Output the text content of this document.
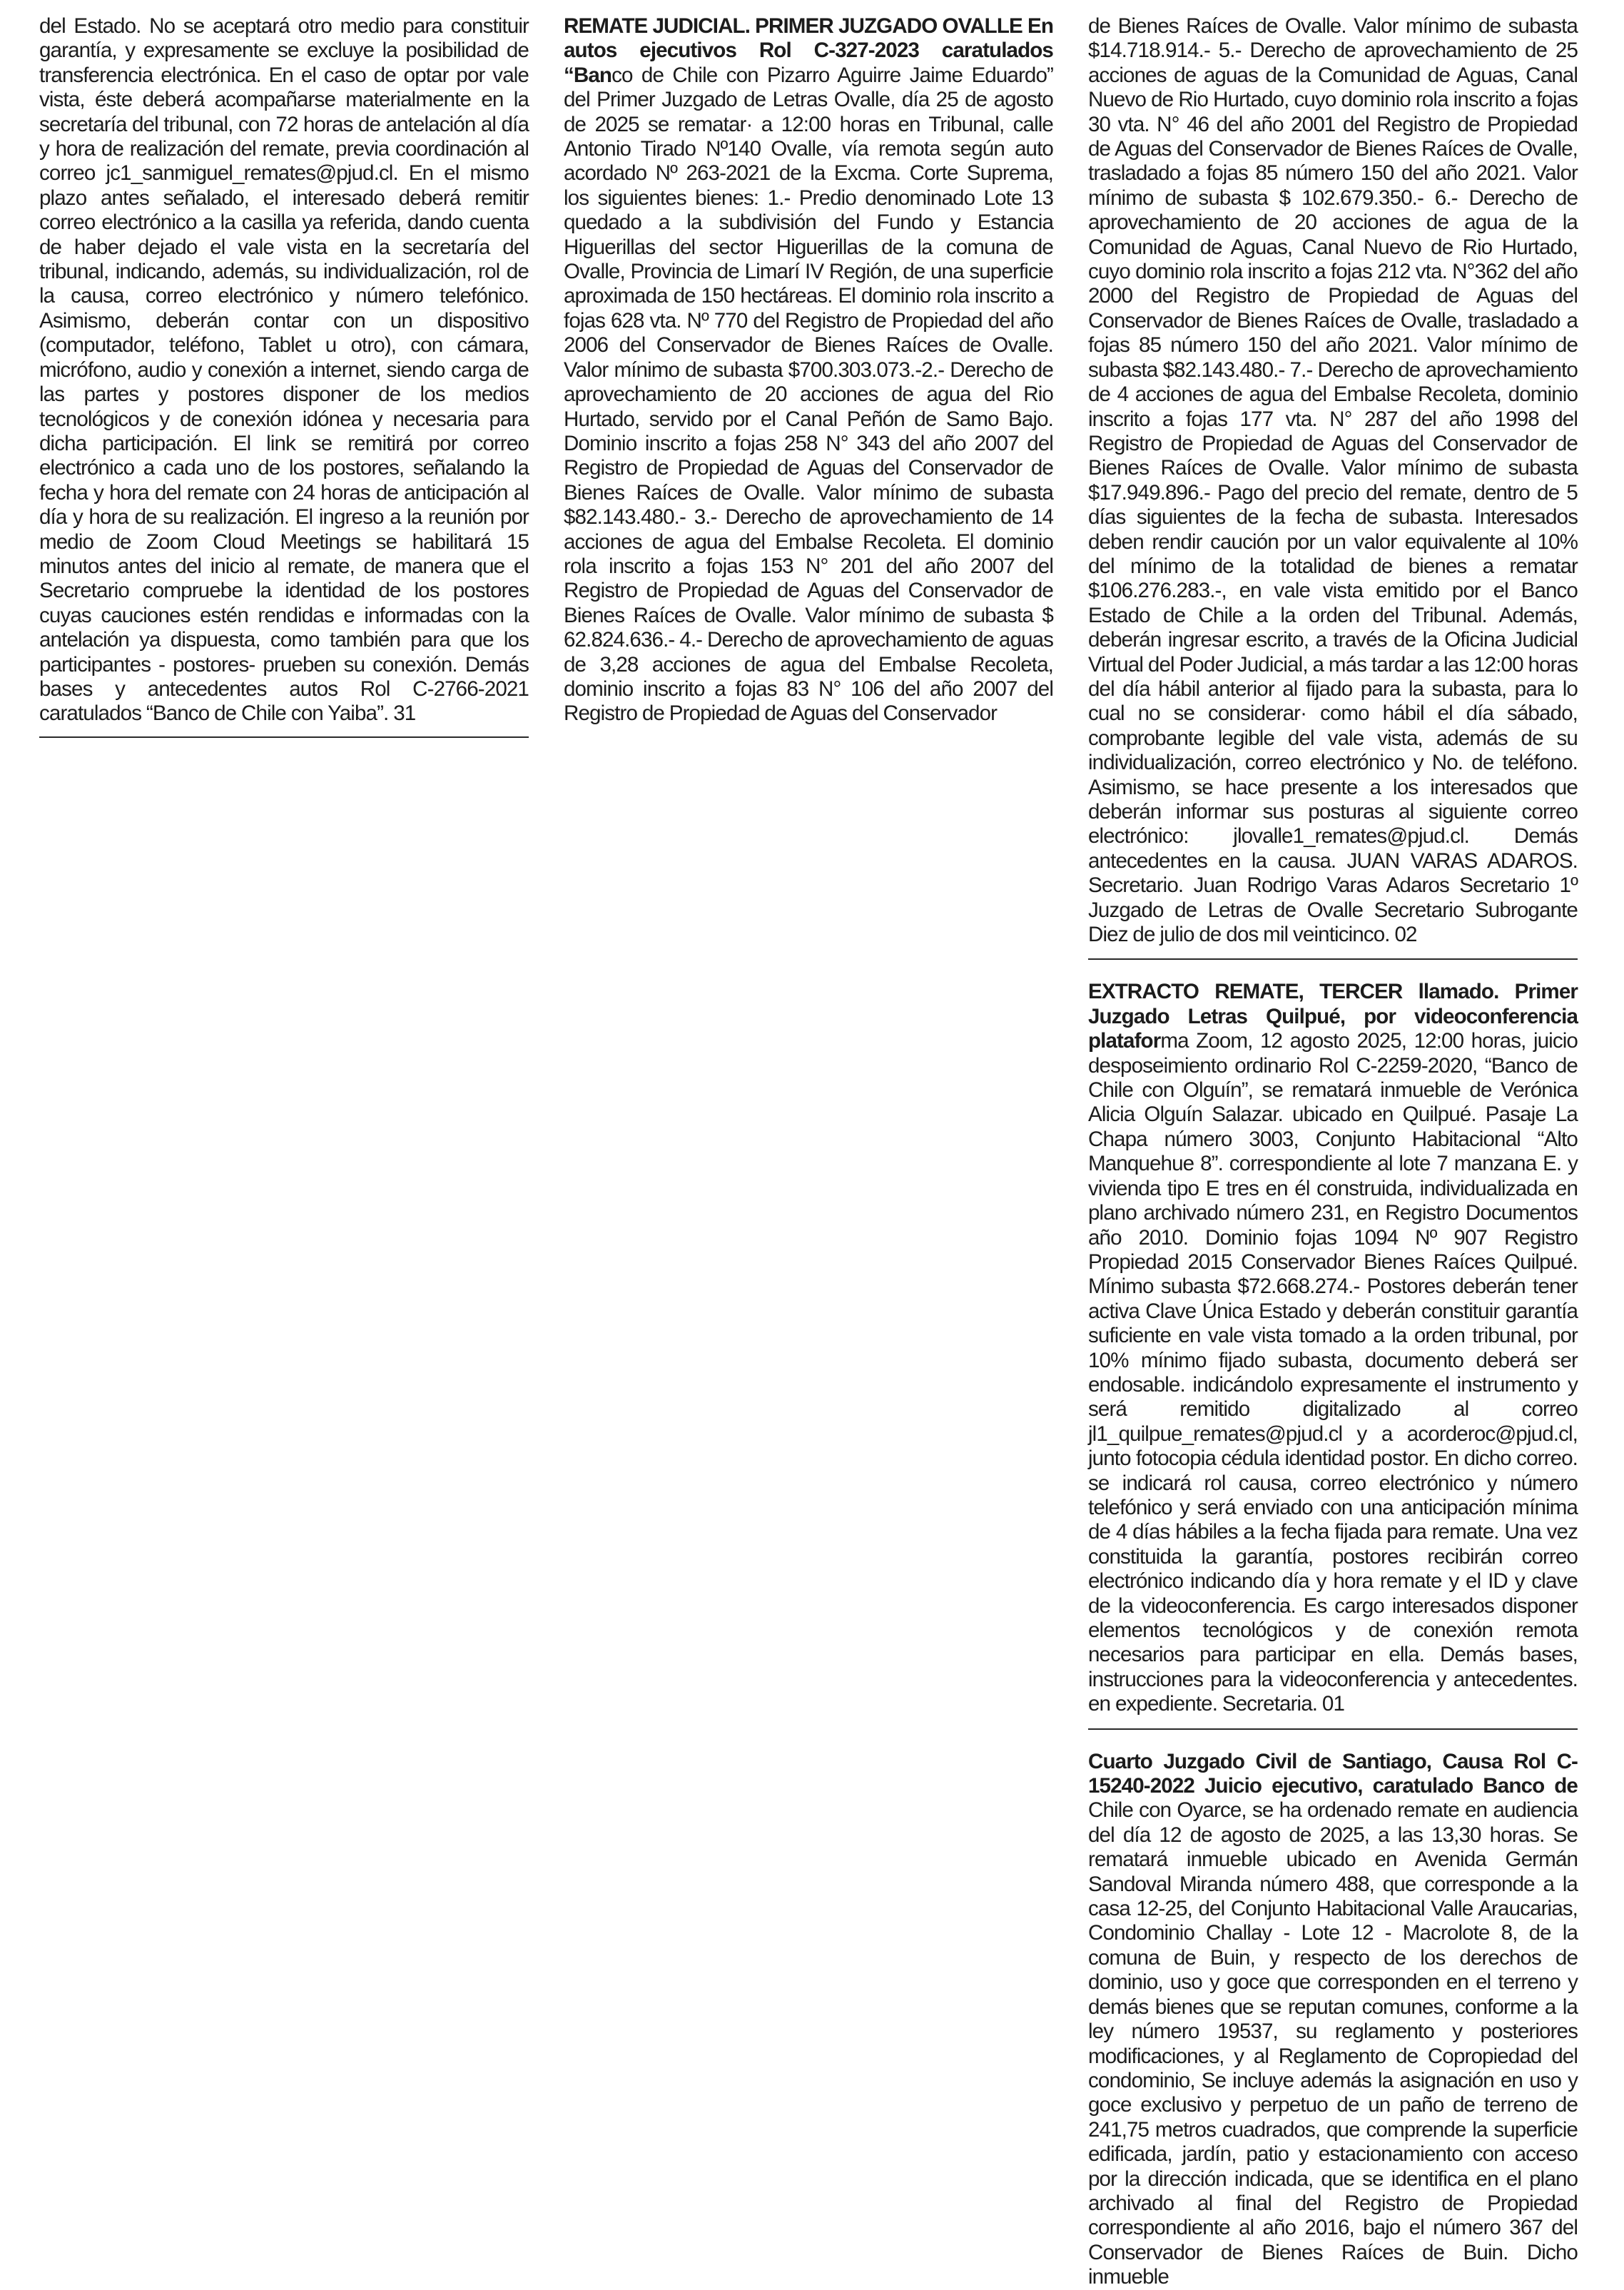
del Estado. No se aceptará otro medio para constituir garantía, y expresamente se excluye la posibilidad de transferencia electrónica. En el caso de optar por vale vista, éste deberá acompañarse materialmente en la secretaría del tribunal, con 72 horas de antelación al día y hora de realización del remate, previa coordinación al correo jc1_sanmiguel_remates@pjud.cl. En el mismo plazo antes señalado, el interesado deberá remitir correo electrónico a la casilla ya referida, dando cuenta de haber dejado el vale vista en la secretaría del tribunal, indicando, además, su individualización, rol de la causa, correo electrónico y número telefónico. Asimismo, deberán contar con un dispositivo (computador, teléfono, Tablet u otro), con cámara, micrófono, audio y conexión a internet, siendo carga de las partes y postores disponer de los medios tecnológicos y de conexión idónea y necesaria para dicha participación. El link se remitirá por correo electrónico a cada uno de los postores, señalando la fecha y hora del remate con 24 horas de anticipación al día y hora de su realización. El ingreso a la reunión por medio de Zoom Cloud Meetings se habilitará 15 minutos antes del inicio al remate, de manera que el Secretario compruebe la identidad de los postores cuyas cauciones estén rendidas e informadas con la antelación ya dispuesta, como también para que los participantes - postores- prueben su conexión. Demás bases y antecedentes autos Rol C-2766-2021 caratulados “Banco de Chile con Yaiba”. 31

REMATE JUDICIAL. PRIMER JUZGADO OVALLE En autos ejecutivos Rol C-327-2023 caratulados “Banco de Chile con Pizarro Aguirre Jaime Eduardo” del Primer Juzgado de Letras Ovalle, día 25 de agosto de 2025 se rematar· a 12:00 horas en Tribunal, calle Antonio Tirado Nº140 Ovalle, vía remota según auto acordado Nº 263-2021 de la Excma. Corte Suprema, los siguientes bienes: 1.- Predio denominado Lote 13 quedado a la subdivisión del Fundo y Estancia Higuerillas del sector Higuerillas de la comuna de Ovalle, Provincia de Limarí IV Región, de una superficie aproximada de 150 hectáreas. El dominio rola inscrito a fojas 628 vta. Nº 770 del Registro de Propiedad del año 2006 del Conservador de Bienes Raíces de Ovalle. Valor mínimo de subasta $700.303.073.-2.- Derecho de aprovechamiento de 20 acciones de agua del Rio Hurtado, servido por el Canal Peñón de Samo Bajo. Dominio inscrito a fojas 258 N° 343 del año 2007 del Registro de Propiedad de Aguas del Conservador de Bienes Raíces de Ovalle. Valor mínimo de subasta $82.143.480.- 3.- Derecho de aprovechamiento de 14 acciones de agua del Embalse Recoleta. El dominio rola inscrito a fojas 153 N° 201 del año 2007 del Registro de Propiedad de Aguas del Conservador de Bienes Raíces de Ovalle. Valor mínimo de subasta $ 62.824.636.- 4.- Derecho de aprovechamiento de aguas de 3,28 acciones de agua del Embalse Recoleta, dominio inscrito a fojas 83 N° 106 del año 2007 del Registro de Propiedad de Aguas del Conservador

de Bienes Raíces de Ovalle. Valor mínimo de subasta $14.718.914.- 5.- Derecho de aprovechamiento de 25 acciones de aguas de la Comunidad de Aguas, Canal Nuevo de Rio Hurtado, cuyo dominio rola inscrito a fojas 30 vta. N° 46 del año 2001 del Registro de Propiedad de Aguas del Conservador de Bienes Raíces de Ovalle, trasladado a fojas 85 número 150 del año 2021. Valor mínimo de subasta $ 102.679.350.- 6.- Derecho de aprovechamiento de 20 acciones de agua de la Comunidad de Aguas, Canal Nuevo de Rio Hurtado, cuyo dominio rola inscrito a fojas 212 vta. N°362 del año 2000 del Registro de Propiedad de Aguas del Conservador de Bienes Raíces de Ovalle, trasladado a fojas 85 número 150 del año 2021. Valor mínimo de subasta $82.143.480.- 7.- Derecho de aprovechamiento de 4 acciones de agua del Embalse Recoleta, dominio inscrito a fojas 177 vta. N° 287 del año 1998 del Registro de Propiedad de Aguas del Conservador de Bienes Raíces de Ovalle. Valor mínimo de subasta $17.949.896.- Pago del precio del remate, dentro de 5 días siguientes de la fecha de subasta. Interesados deben rendir caución por un valor equivalente al 10% del mínimo de la totalidad de bienes a rematar $106.276.283.-, en vale vista emitido por el Banco Estado de Chile a la orden del Tribunal. Además, deberán ingresar escrito, a través de la Oficina Judicial Virtual del Poder Judicial, a más tardar a las 12:00 horas del día hábil anterior al fijado para la subasta, para lo cual no se considerar· como hábil el día sábado, comprobante legible del vale vista, además de su individualización, correo electrónico y No. de teléfono. Asimismo, se hace presente a los interesados que deberán informar sus posturas al siguiente correo electrónico: jlovalle1_remates@pjud.cl. Demás antecedentes en la causa. JUAN VARAS ADAROS. Secretario. Juan Rodrigo Varas Adaros Secretario 1º Juzgado de Letras de Ovalle Secretario Subrogante Diez de julio de dos mil veinticinco. 02

EXTRACTO REMATE, TERCER llamado. Primer Juzgado Letras Quilpué, por videoconferencia plataforma Zoom, 12 agosto 2025, 12:00 horas, juicio desposeimiento ordinario Rol C-2259-2020, “Banco de Chile con Olguín”, se rematará inmueble de Verónica Alicia Olguín Salazar. ubicado en Quilpué. Pasaje La Chapa número 3003, Conjunto Habitacional “Alto Manquehue 8”. correspondiente al lote 7 manzana E. y vivienda tipo E tres en él construida, individualizada en plano archivado número 231, en Registro Documentos año 2010. Dominio fojas 1094 Nº 907 Registro Propiedad 2015 Conservador Bienes Raíces Quilpué. Mínimo subasta $72.668.274.- Postores deberán tener activa Clave Única Estado y deberán constituir garantía suficiente en vale vista tomado a la orden tribunal, por 10% mínimo fijado subasta, documento deberá ser endosable. indicándolo expresamente el instrumento y será remitido digitalizado al correo jl1_quilpue_remates@pjud.cl y a acorderoc@pjud.cl, junto fotocopia cédula identidad postor. En dicho correo. se indicará rol causa, correo electrónico y número telefónico y será enviado con una anticipación mínima de 4 días hábiles a la fecha fijada para remate. Una vez constituida la garantía, postores recibirán correo electrónico indicando día y hora remate y el ID y clave de la videoconferencia. Es cargo interesados disponer elementos tecnológicos y de conexión remota necesarios para participar en ella. Demás bases, instrucciones para la videoconferencia y antecedentes. en expediente. Secretaria. 01

Cuarto Juzgado Civil de Santiago, Causa Rol C-15240-2022 Juicio ejecutivo, caratulado Banco de Chile con Oyarce, se ha ordenado remate en audiencia del día 12 de agosto de 2025, a las 13,30 horas. Se rematará inmueble ubicado en Avenida Germán Sandoval Miranda número 488, que corresponde a la casa 12-25, del Conjunto Habitacional Valle Araucarias, Condominio Challay - Lote 12 - Macrolote 8, de la comuna de Buin, y respecto de los derechos de dominio, uso y goce que corresponden en el terreno y demás bienes que se reputan comunes, conforme a la ley número 19537, su reglamento y posteriores modificaciones, y al Reglamento de Copropiedad del condominio, Se incluye además la asignación en uso y goce exclusivo y perpetuo de un paño de terreno de 241,75 metros cuadrados, que comprende la superficie edificada, jardín, patio y estacionamiento con acceso por la dirección indicada, que se identifica en el plano archivado al final del Registro de Propiedad correspondiente al año 2016, bajo el número 367 del Conservador de Bienes Raíces de Buin. Dicho inmueble
